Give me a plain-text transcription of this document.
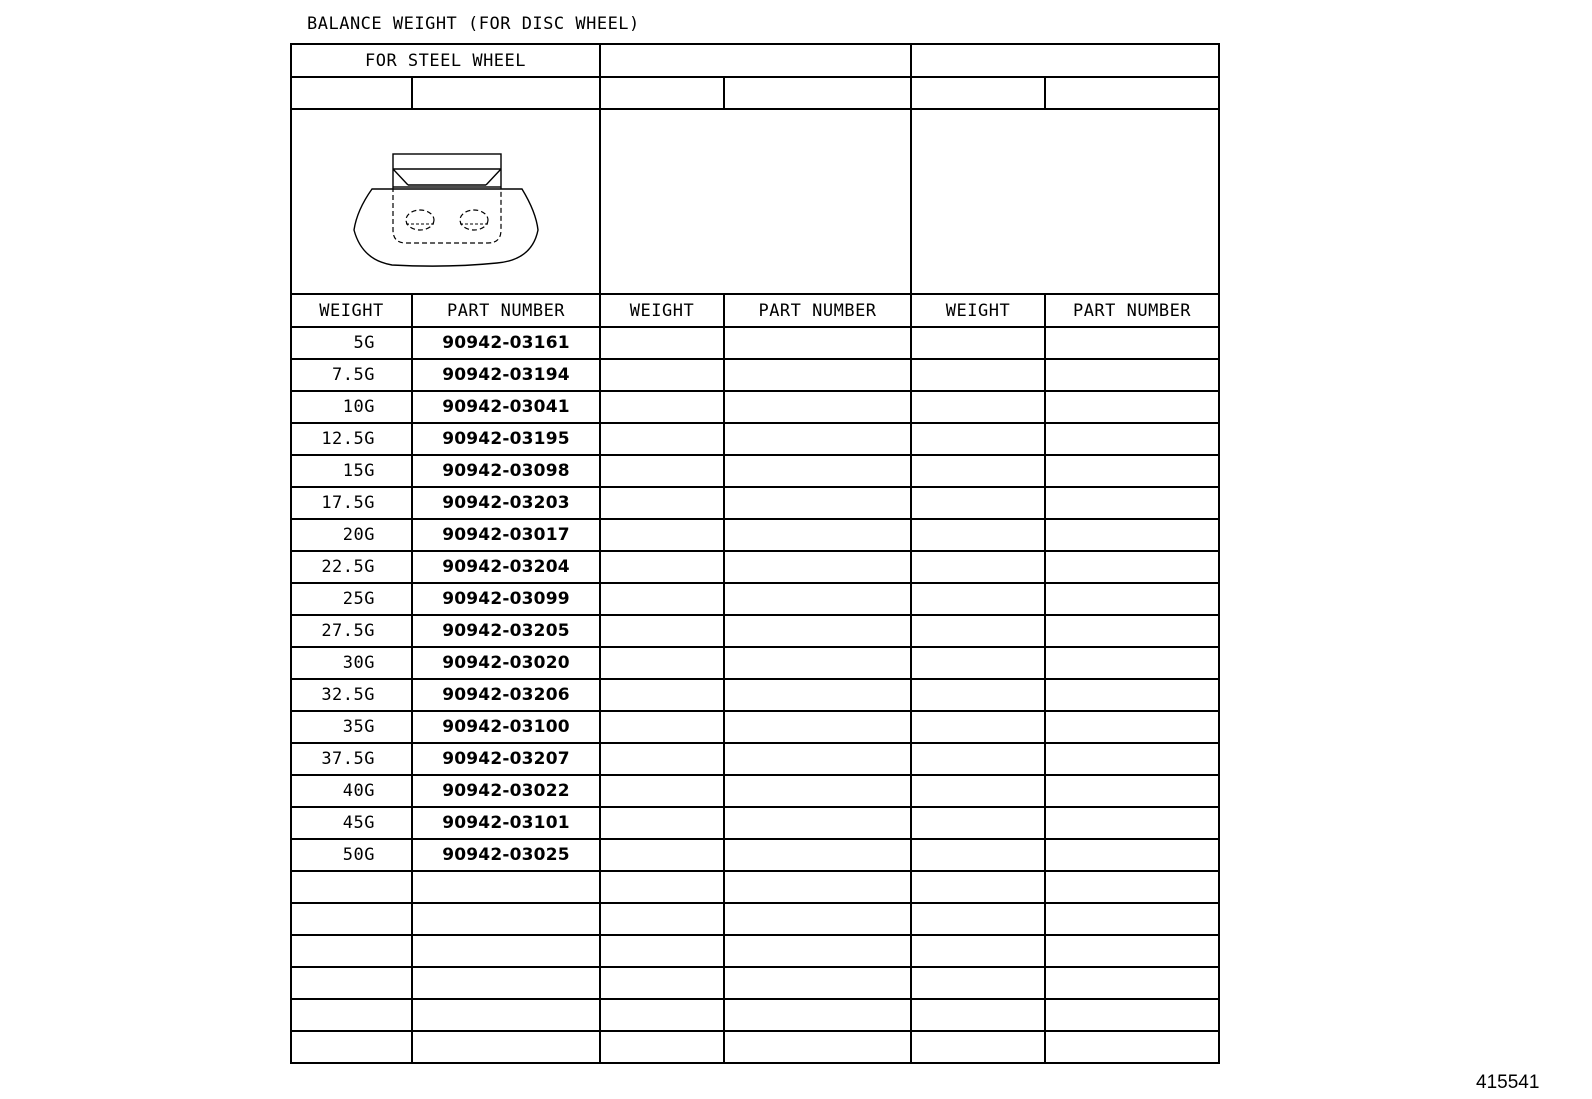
BALANCE WEIGHT (FOR DISC WHEEL)
FOR STEEL WHEEL					

WEIGHT	PART NUMBER	WEIGHT	PART NUMBER	WEIGHT	PART NUMBER
5G	90942-03161				
7.5G	90942-03194				
10G	90942-03041				
12.5G	90942-03195				
15G	90942-03098				
17.5G	90942-03203				
20G	90942-03017				
22.5G	90942-03204				
25G	90942-03099				
27.5G	90942-03205				
30G	90942-03020				
32.5G	90942-03206				
35G	90942-03100				
37.5G	90942-03207				
40G	90942-03022				
45G	90942-03101				
50G	90942-03025				

415541
